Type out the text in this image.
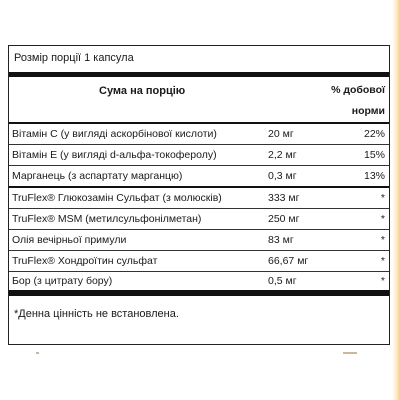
Розмір порції 1 капсула
Сума на порцію	% добової
норми
Вітамін С (у вигляді аскорбінової кислоти)	20 мг	22%
Вітамін Е (у вигляді d-альфа-токоферолу)	2,2 мг	15%
Марганець (з аспартату марганцю)	0,3 мг	13%
TruFlex® Глюкозамін Сульфат (з молюсків)	333 мг	*
TruFlex® MSM (метилсульфонілметан)	250 мг	*
Олія вечірньої примули	83 мг	*
TruFlex® Хондроїтин сульфат	66,67 мг	*
Бор (з цитрату бору)	0,5 мг	*
*Денна цінність не встановлена.
